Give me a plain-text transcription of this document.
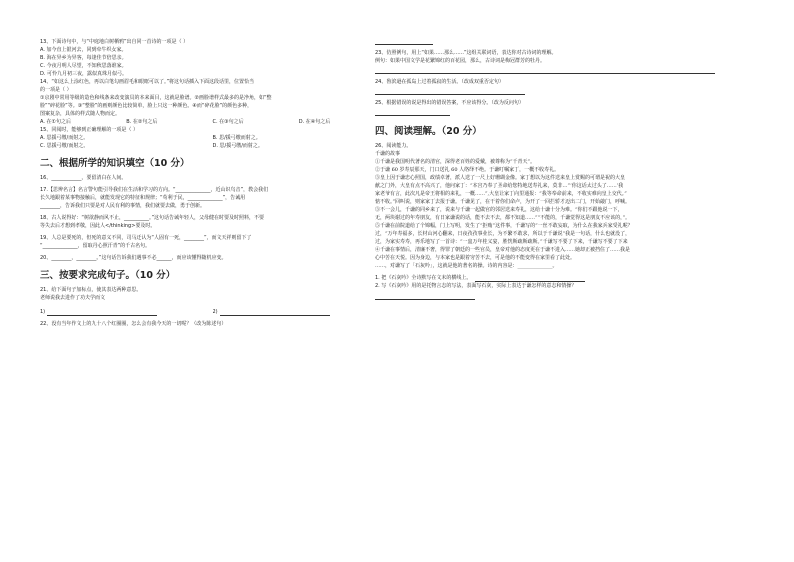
13、下面诗句中，与“中庭地白树栖鸦”出自同一首诗的一项是（ ）
A. 加今直上银河去，同到牵牛织女家。
B. 海在异乡为异客，每逢佳节倍思亲。
C. 今夜月明人尽望，不知秋思落谁家。
D. 可怜九月初三夜，露似真珠月似弓。
14、“如这么上涂红色，再以白笔勾画眉毛和眼眶可以了。”将这句话插入下面这段话里，位置恰当
的一项是（ ）
①京剧中常用等级的造色和线条来改变演员的本来面目，这就是脸谱。②画脸谱样式最多的是净角，如“整
脸”“碎花脸”等。③“整脸”的画则颜色比较简单，脸上只这一种颜色。④而“碎花脸”的颜色多种，
图案复杂，具体的样式随人物而定。
A. 在①句之后	B. 在②句之后	C. 在③句之后	D. 在④句之后
15、同阅时，能够到正确理解的一项是（ ）
A. 思援弓缴/而射之。	B. 思/援弓缴而射之。
C. 思援弓缴/而射之。	D. 思/援弓缴/而射之。
二、根据所学的知识填空（10 分）
16、____________，要留清白在人间。
17.【思辨名言】名言警句能引导我们在生活和学习的方向。“______________，近山识鸟音”，教会我们
长久地跟着某事物接触后，就能发现它的特征和规律；“苟利于民，______________”，告诫用
________，告诉我们只要是对人民有利的事情，我们就要去做，勇于创新。
18、古人说得好：“树欲静而风不止，__________。”这句话告诫年轻人，父母健在时要及时照料，不要
等失去后才想到孝敬，因此人</thinking>要及时。
19、人总是要死的，但死的意义不同，司马迁认为“人固有一死，________”，而文天祥则留下了
“______________，留取丹心照汗青”的千古名句。
20、________，________。”这句话告诉我们遇事不必______，而应该懂得随机应变。
三、按要求完成句子。（10 分）
21、给下面句子加标点，使其表达两种意思。
老师说我去进作了功夫学而文
1)	2)
22、没有当年作文上的九十八个红圈圈，怎么会有我今天的一切呢？（改为陈述句）
23、仿照例句，用上“如果……那么……”这组关联词语，表达你对古诗词的理解。
例句：如果中国文学是花繁锦红的百花园，那么，古诗词是梅冠群芳的牡丹。
24、鲁滨逊在孤岛上过着孤寂的生活。（改成双重否定句）
25、根据错误的说是得出的错误答案，不应该得分。（改为反问句）
四、阅读理解。（20 分）
26、阅读能力。
千谦的故事
①千谦是我国明代著名的清官，深得老百姓的爱戴，被尊称为“千青天”。
②于谦 60 岁寿辰那天，门口送礼 60 人络绎不绝。于谦叮嘱家丁，一概不收寿礼。
③皇上因于谦忠心照国，政绩卓著，派人送了一尺上好珊瑚金像。家丁想以为这件送来皇上赏赐的可谓是祝的大皇
献之门外，大皇有点不高兴了，他问家丁：“本宫乃奉了圣命给您特地送寿礼来，莫非…”‘你这话太过头了……’我
家老爷有言，此次凡是帝王将相的来礼，一概……”,大皇让家丁向里通报：“我等奉命前来，不收实难向皇上交代。”
惦不收。”回叫说，则家家丁去报于谦。千谦见了，在干着你们命卢，为开了一回拦轿才迈出二门，开始敲门，呼喊。
③不一会儿，千谦的同乡来了，说来与千谦一起做官的邻居送来寿礼，这给十谦十分为难。“你们不跟他说一下，
无，两块谢过的年寿朋友，有日家谦说的话，能不去不去，都不知道……”“不能的，千谦觉得这是朋友不应该的，”。
⑤千谦在前院道给了个锦幅，门上写明，发生了“拒贿”这件事，千谦写的“一丝不敢妄取，为什么在我家兵家受礼呢？
过，“万年寿福多，长材山河心翻来，日夜孜孜事业长，为不繁不敢求，所以于千谦说“我是一句话，什么也就没了，
过，为家实寿寿，再乐地写了一首诗：“一盅万年桂义宴，胜恍斯疏斯疏斯。”千谦写不要了下来，千谦写不要了下来
④千谦在事情后，清廉不奢，得罪了朝廷的一些官员，皇帝对他的态度更在于谦不进入……她却正被挡住了……我是
心中苦在天悦。因为身边，与本家也是跟着穷苦不去，可是他的不能变得在家里看了此处。
……，对谦写了「石灰吟」，这就是他的著名的操。诗的内容是：______________。
1. 把《石灰吟》全诗默写在文末的横线上。
2. 写《石灰吟》用的是托物言志的写法，表面写石灰，实际上表达于谦怎样的意志和情操？
